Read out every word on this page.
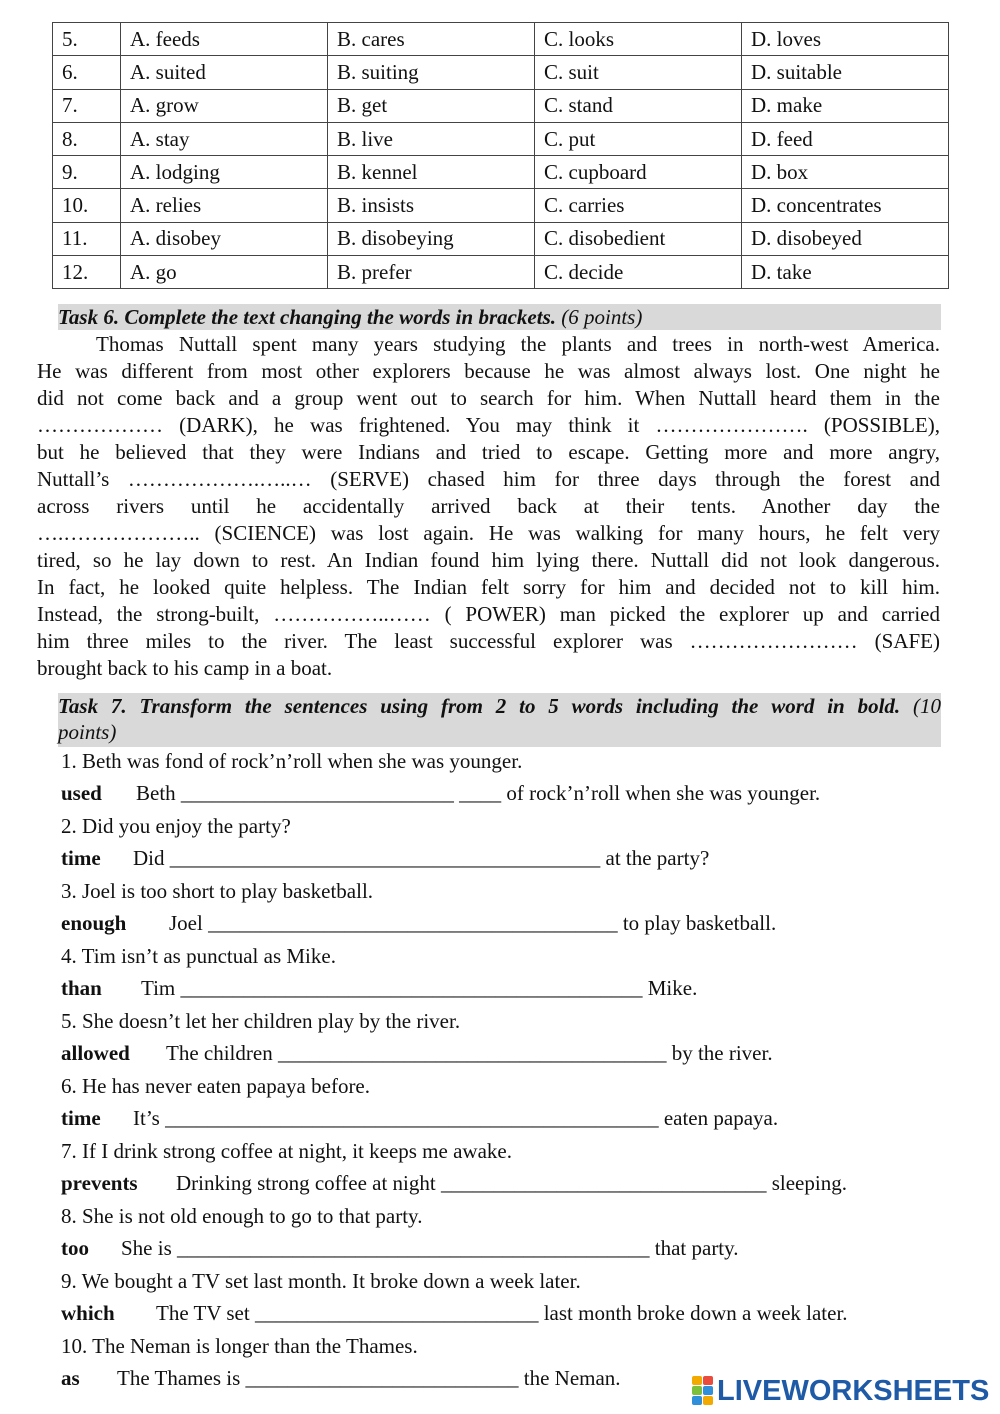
5.	A. feeds	B. cares	C. looks	D. loves
6.	A. suited	B. suiting	C. suit	D. suitable
7.	A. grow	B. get	C. stand	D. make
8.	A. stay	B. live	C. put	D. feed
9.	A. lodging	B. kennel	C. cupboard	D. box
10.	A. relies	B. insists	C. carries	D. concentrates
11.	A. disobey	B. disobeying	C. disobedient	D. disobeyed
12.	A. go	B. prefer	C. decide	D. take
Task 6. Complete the text changing the words in brackets. (6 points)
Thomas Nuttall spent many years studying the plants and trees in north-west America.
He was different from most other explorers because he was almost always lost. One night he
did not come back and a group went out to search for him. When Nuttall heard them in the
……………… (DARK), he was frightened. You may think it …………………. (POSSIBLE),
but he believed that they were Indians and tried to escape. Getting more and more angry,
Nuttall’s ……………….…..… (SERVE) chased him for three days through the forest and
across rivers until he accidentally arrived back at their tents. Another day the
….……………….. (SCIENCE) was lost again. He was walking for many hours, he felt very
tired, so he lay down to rest. An Indian found him lying there. Nuttall did not look dangerous.
In fact, he looked quite helpless. The Indian felt sorry for him and decided not to kill him.
Instead, the strong-built, ……………..…… ( POWER) man picked the explorer up and carried
him three miles to the river. The least successful explorer was …………………… (SAFE)
brought back to his camp in a boat.
Task 7. Transform the sentences using from 2 to 5 words including the word in bold. (10
points)
1. Beth was fond of rock’n’roll when she was younger.
used Beth __________________________ ____ of rock’n’roll when she was younger.
2. Did you enjoy the party?
time Did _________________________________________ at the party?
3. Joel is too short to play basketball.
enough Joel _______________________________________ to play basketball.
4. Tim isn’t as punctual as Mike.
than Tim ____________________________________________ Mike.
5. She doesn’t let her children play by the river.
allowed The children _____________________________________ by the river.
6. He has never eaten papaya before.
time It’s _______________________________________________ eaten papaya.
7. If I drink strong coffee at night, it keeps me awake.
prevents Drinking strong coffee at night _______________________________ sleeping.
8. She is not old enough to go to that party.
too She is _____________________________________________ that party.
9. We bought a TV set last month. It broke down a week later.
which The TV set ___________________________ last month broke down a week later.
10. The Neman is longer than the Thames.
as The Thames is __________________________ the Neman.	LIVEWORKSHEETS
